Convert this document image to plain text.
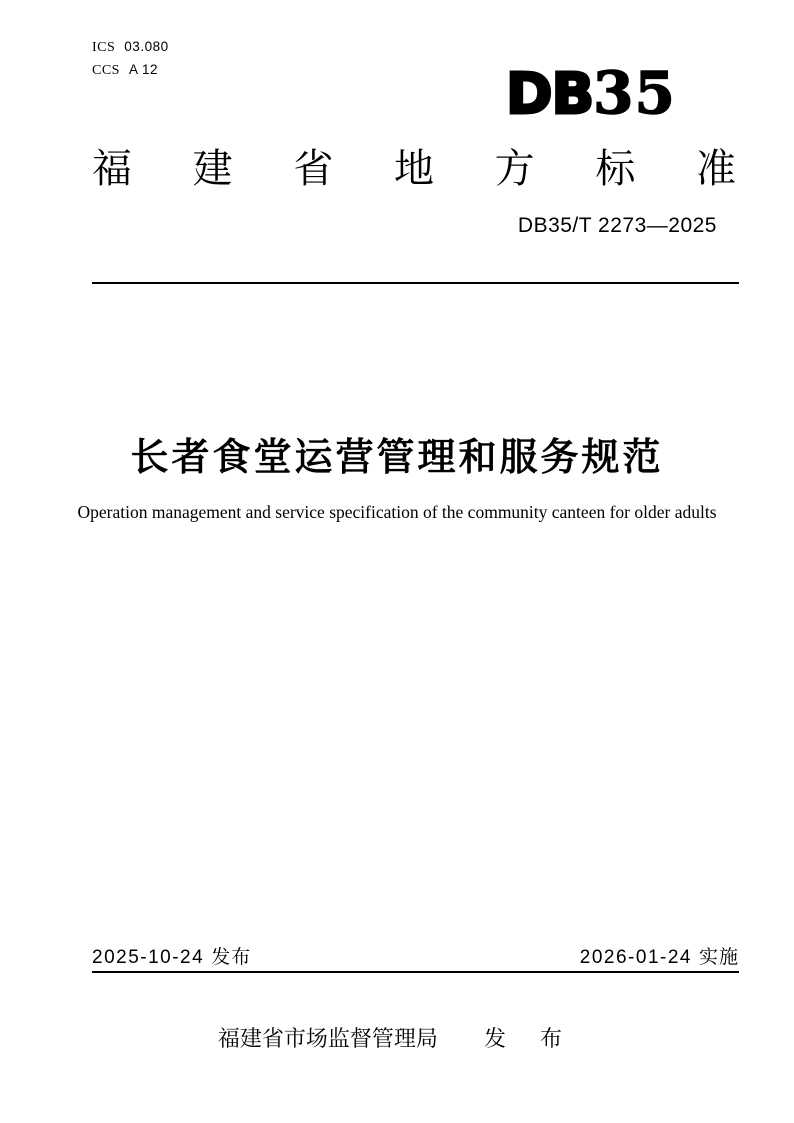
ICS 03.080
CCS A 12	DB35
福建省地方标准
DB35/T 2273—2025
长者食堂运营管理和服务规范
Operation management and service specification of the community canteen for older adults
2025-10-24 发布	2026-01-24 实施
福建省市场监督管理局 发 布
